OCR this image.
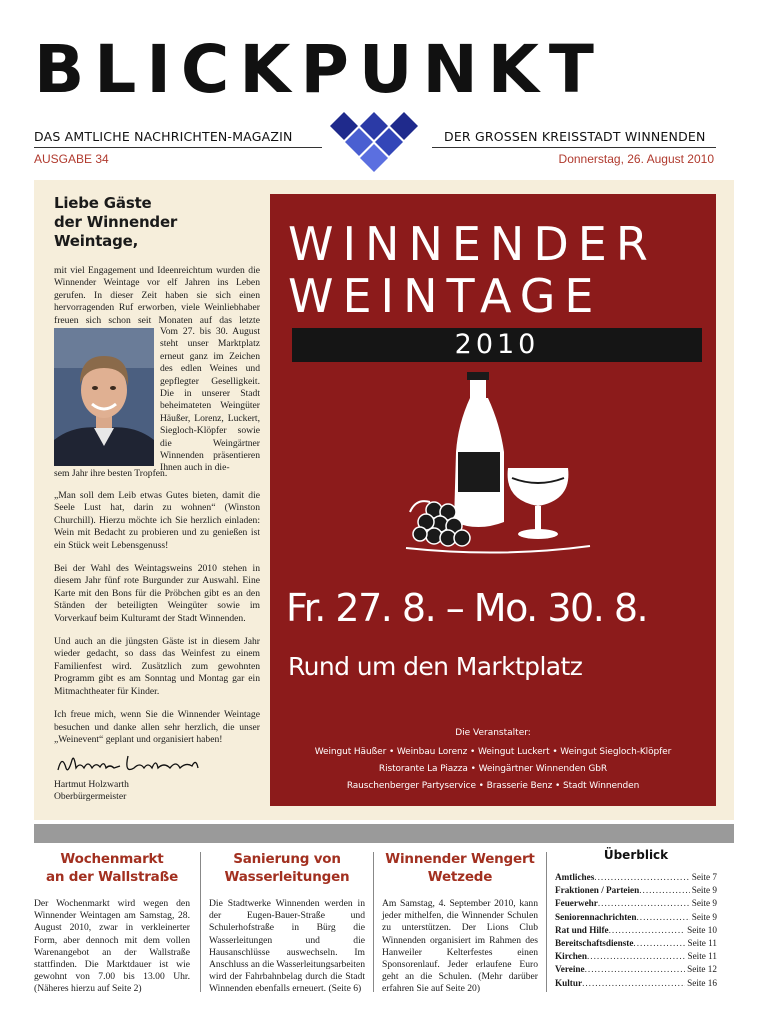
BLICKPUNKT
DAS AMTLICHE NACHRICHTEN-MAGAZIN	DER GROSSEN KREISSTADT WINNENDEN
AUSGABE 34	Donnerstag, 26. August 2010
Liebe Gäste
der Winnender Weintage,

mit viel Engagement und Ideenreichtum wurden die Winnender Weintage vor elf Jahren ins Leben gerufen. In dieser Zeit haben sie sich einen hervorragenden Ruf erworben, viele Weinliebhaber freuen sich schon seit Monaten auf das letzte

Vom 27. bis 30. August steht unser Marktplatz erneut ganz im Zeichen des edlen Weines und gepflegter Geselligkeit. Die in unserer Stadt beheimateten Weingüter Häußer, Lorenz, Luckert, Siegloch-Klöpfer sowie die Weingärtner Winnenden präsentieren Ihnen auch in die-
sem Jahr ihre besten Tropfen.

„Man soll dem Leib etwas Gutes bieten, damit die Seele Lust hat, darin zu wohnen“ (Winston Churchill). Hierzu möchte ich Sie herzlich einladen: Wein mit Bedacht zu probieren und zu genießen ist ein Stück weit Lebensgenuss!

Bei der Wahl des Weintagsweins 2010 stehen in diesem Jahr fünf rote Burgunder zur Auswahl. Eine Karte mit den Bons für die Pröbchen gibt es an den Ständen der beteiligten Weingüter sowie im Vorverkauf beim Kulturamt der Stadt Winnenden.

Und auch an die jüngsten Gäste ist in diesem Jahr wieder gedacht, so dass das Weinfest zu einem Familienfest wird. Zusätzlich zum gewohnten Programm gibt es am Sonntag und Montag gar ein Mitmachtheater für Kinder.

Ich freue mich, wenn Sie die Winnender Weintage besuchen und danke allen sehr herzlich, die unser „Weinevent“ geplant und organisiert haben!

Hartmut Holzwarth
Oberbürgermeister
WINNENDER
WEINTAGE
2010
Fr. 27. 8. – Mo. 30. 8.
Rund um den Marktplatz
Die Veranstalter:
Weingut Häußer • Weinbau Lorenz • Weingut Luckert • Weingut Siegloch-Klöpfer
Ristorante La Piazza • Weingärtner Winnenden GbR
Rauschenberger Partyservice • Brasserie Benz • Stadt Winnenden
Wochenmarkt
an der Wallstraße

Der Wochenmarkt wird wegen den Winnender Weintagen am Samstag, 28. August 2010, zwar in verkleinerter Form, aber dennoch mit dem vollen Warenangebot an der Wallstraße stattfinden. Die Marktdauer ist wie gewohnt von 7.00 bis 13.00 Uhr. (Näheres hierzu auf Seite 2)

Sanierung von
Wasserleitungen

Die Stadtwerke Winnenden werden in der Eugen-Bauer-Straße und Schulerhofstraße in Bürg die Wasserleitungen und die Hausanschlüsse auswechseln. Im Anschluss an die Wasserleitungsarbeiten wird der Fahrbahnbelag durch die Stadt Winnenden ebenfalls erneuert. (Seite 6)

Winnender Wengert
Wetzede

Am Samstag, 4. September 2010, kann jeder mithelfen, die Winnender Schulen zu unterstützen. Der Lions Club Winnenden organisiert im Rahmen des Hanweiler Kelterfestes einen Sponsorenlauf. Jeder erlaufene Euro geht an die Schulen. (Mehr darüber erfahren Sie auf Seite 20)

Überblick
Amtliches .....	Seite 7
Fraktionen / Parteien .....	Seite 9
Feuerwehr .....	Seite 9
Seniorennachrichten .....	Seite 9
Rat und Hilfe .....	Seite 10
Bereitschaftsdienste .....	Seite 11
Kirchen .....	Seite 11
Vereine .....	Seite 12
Kultur .....	Seite 16
